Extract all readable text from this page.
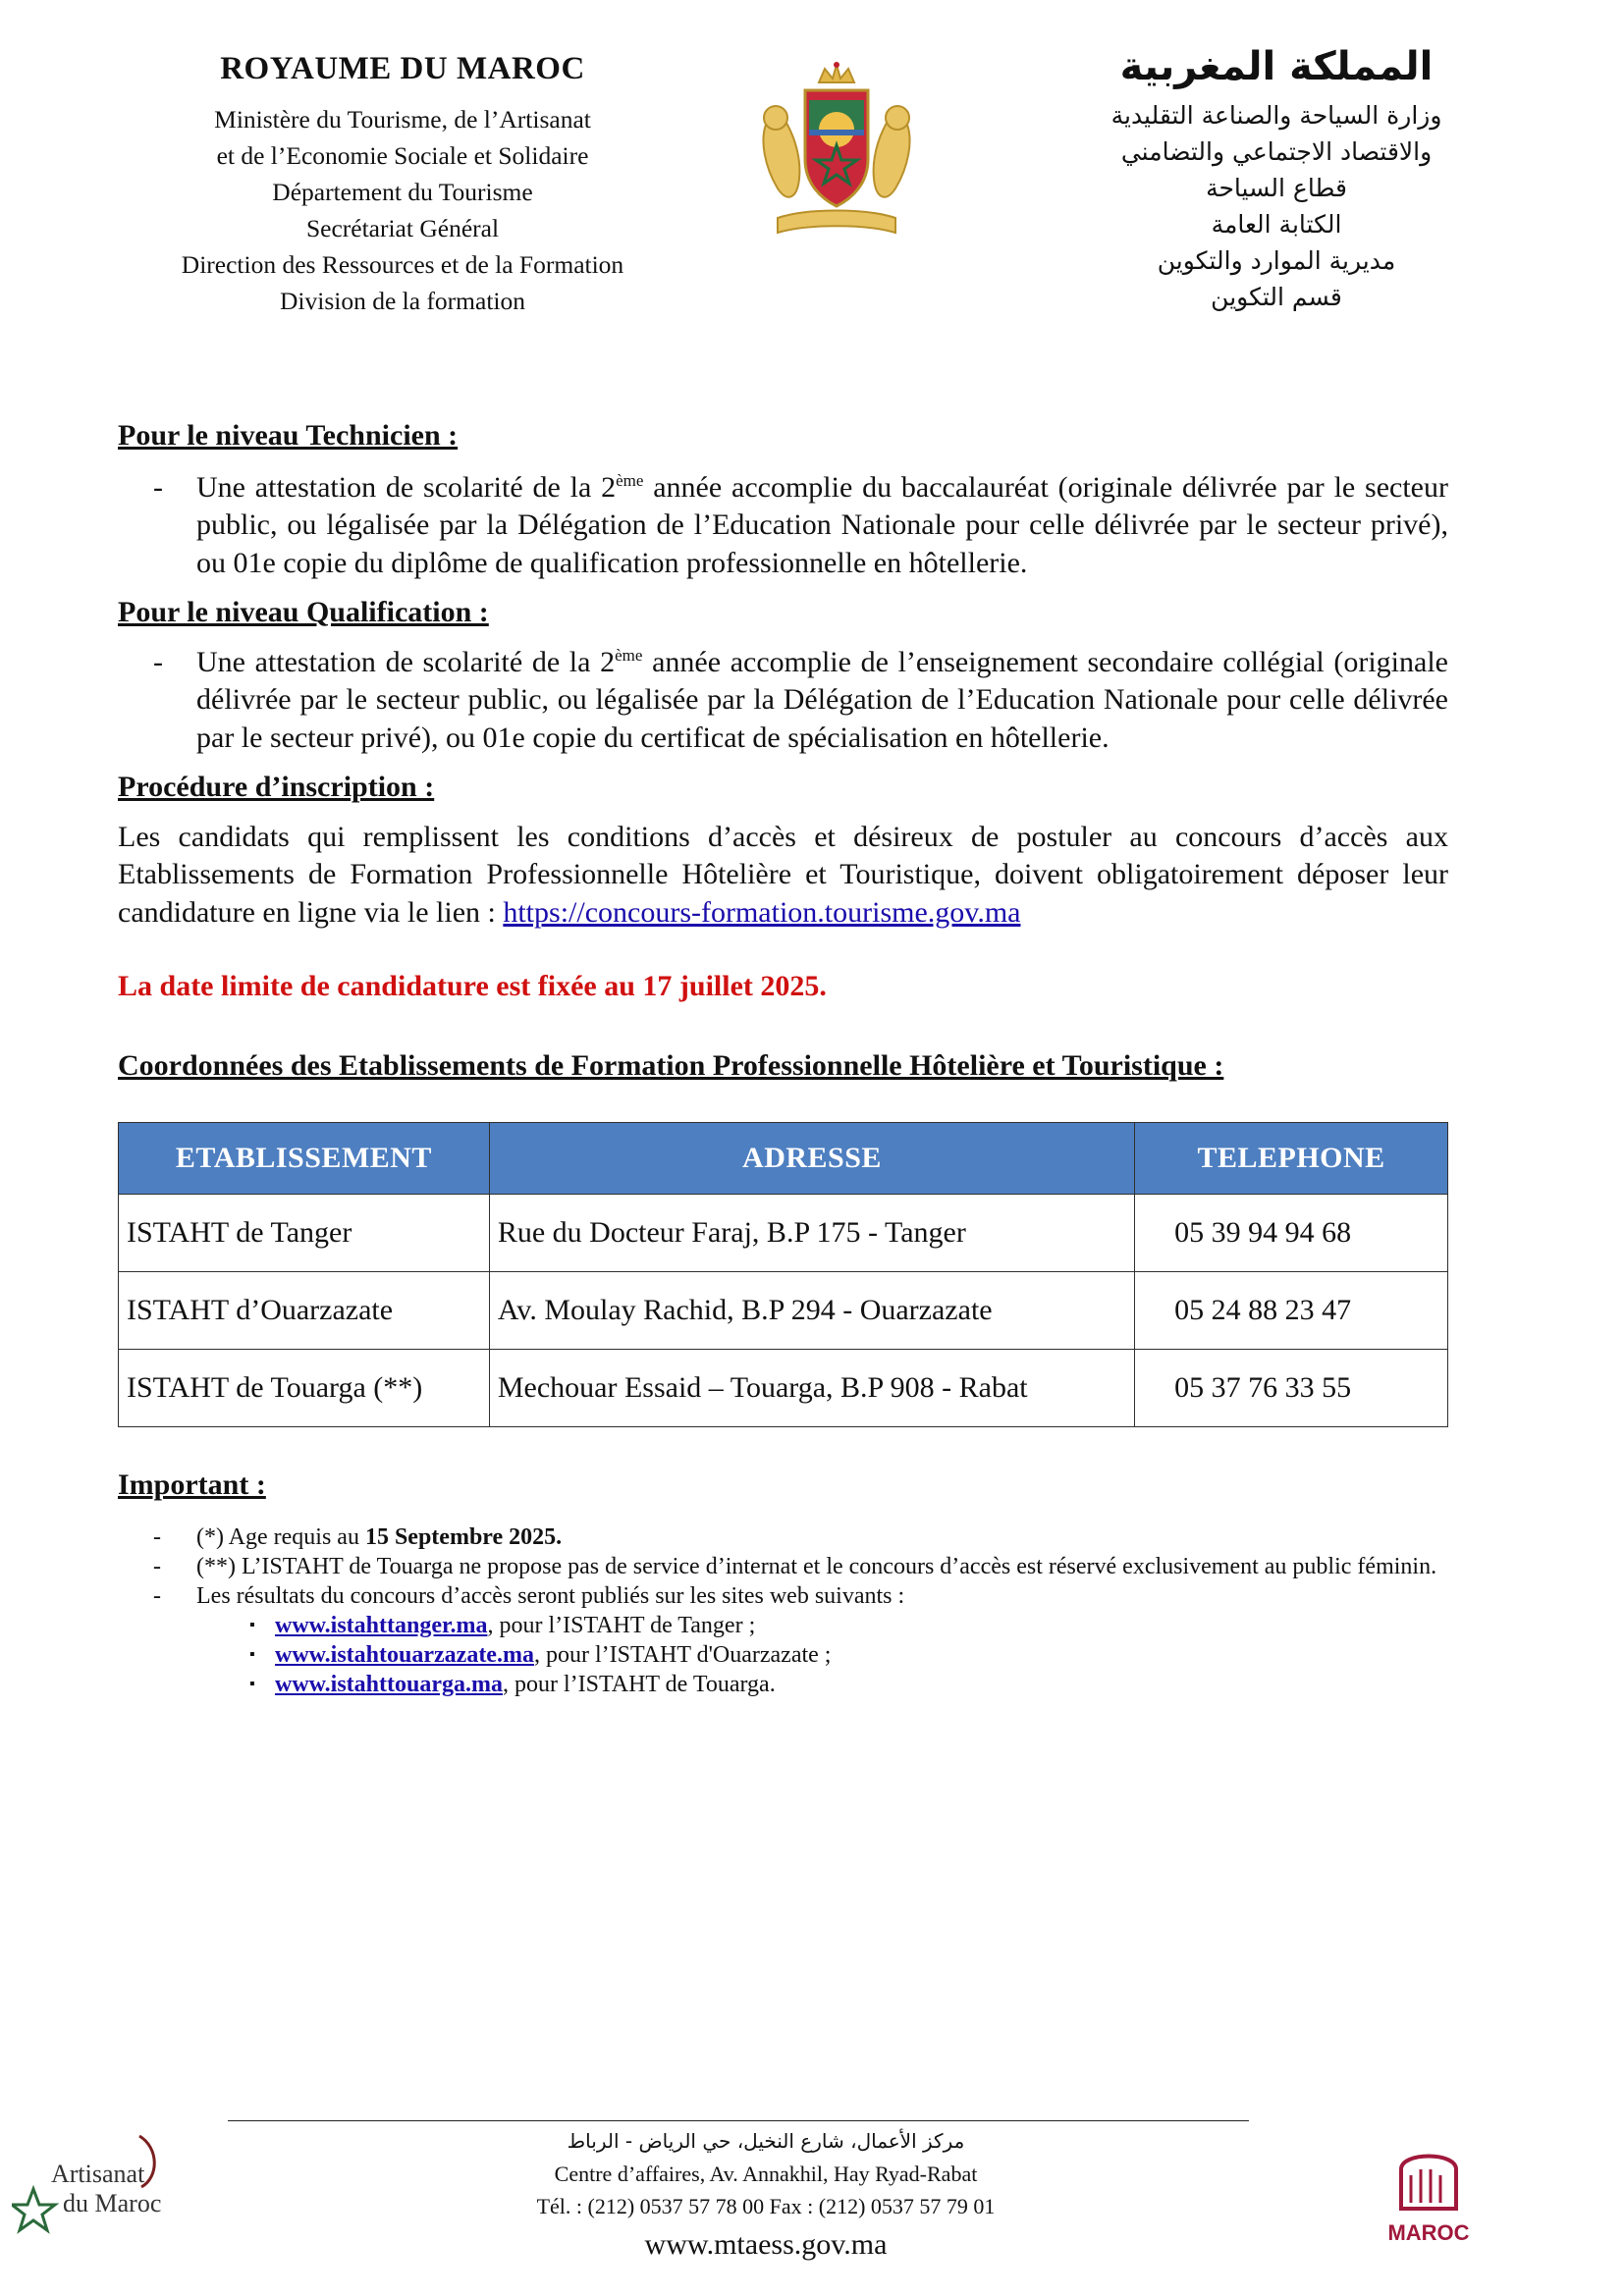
ROYAUME DU MAROC
Ministère du Tourisme, de l’Artisanat
et de l’Economie Sociale et Solidaire
Département du Tourisme
Secrétariat Général
Direction des Ressources et de la Formation
Division de la formation
المملكة المغربية
وزارة السياحة والصناعة التقليدية
والاقتصاد الاجتماعي والتضامني
قطاع السياحة
الكتابة العامة
مديرية الموارد والتكوين
قسم التكوين

Pour le niveau Technicien :

- Une attestation de scolarité de la 2ème année accomplie du baccalauréat (originale délivrée par le secteur public, ou légalisée par la Délégation de l’Education Nationale pour celle délivrée par le secteur privé), ou 01e copie du diplôme de qualification professionnelle en hôtellerie.

Pour le niveau Qualification :

- Une attestation de scolarité de la 2ème année accomplie de l’enseignement secondaire collégial (originale délivrée par le secteur public, ou légalisée par la Délégation de l’Education Nationale pour celle délivrée par le secteur privé), ou 01e copie du certificat de spécialisation en hôtellerie.

Procédure d’inscription :

Les candidats qui remplissent les conditions d’accès et désireux de postuler au concours d’accès aux Etablissements de Formation Professionnelle Hôtelière et Touristique, doivent obligatoirement déposer leur candidature en ligne via le lien : https://concours-formation.tourisme.gov.ma

La date limite de candidature est fixée au 17 juillet 2025.

Coordonnées des Etablissements de Formation Professionnelle Hôtelière et Touristique :

ETABLISSEMENT	ADRESSE	TELEPHONE
ISTAHT de Tanger	Rue du Docteur Faraj, B.P 175 - Tanger	05 39 94 94 68
ISTAHT d’Ouarzazate	Av. Moulay Rachid, B.P 294 - Ouarzazate	05 24 88 23 47
ISTAHT de Touarga (**)	Mechouar Essaid – Touarga, B.P 908 - Rabat	05 37 76 33 55

Important :

- (*) Age requis au 15 Septembre 2025.
- (**) L’ISTAHT de Touarga ne propose pas de service d’internat et le concours d’accès est réservé exclusivement au public féminin.
- Les résultats du concours d’accès seront publiés sur les sites web suivants :
▪ www.istahttanger.ma, pour l’ISTAHT de Tanger ;
▪ www.istahtouarzazate.ma, pour l’ISTAHT d'Ouarzazate ;
▪ www.istahttouarga.ma, pour l’ISTAHT de Touarga.
مركز الأعمال، شارع النخيل، حي الرياض - الرباط
Centre d’affaires, Av. Annakhil, Hay Ryad-Rabat
Tél. : (212) 0537 57 78 00 Fax : (212) 0537 57 79 01
www.mtaess.gov.ma
Artisanat
du Maroc
MAROC
